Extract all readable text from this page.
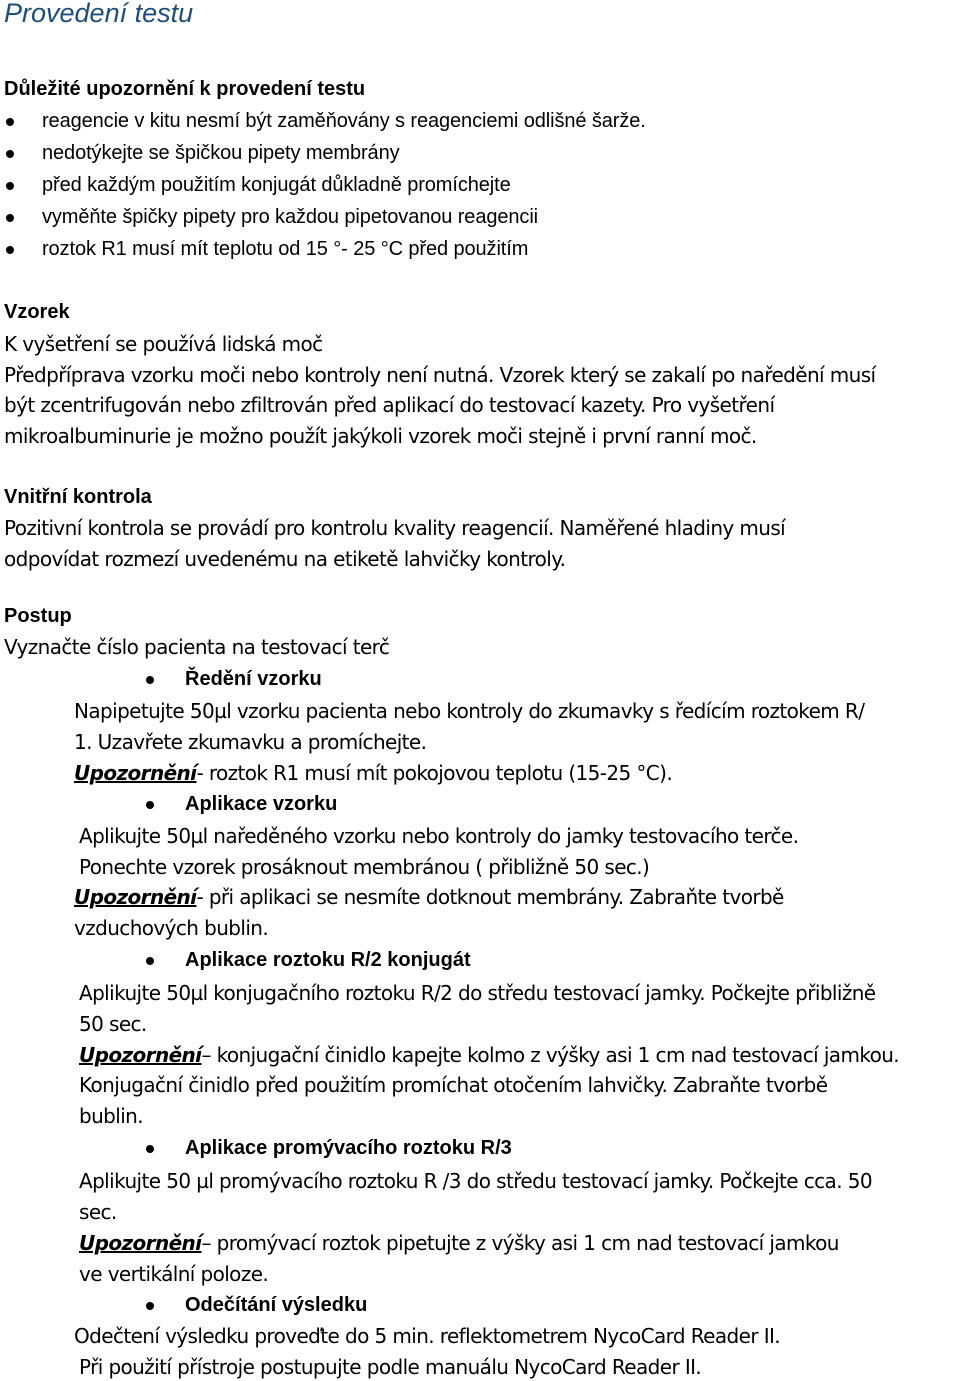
Provedení testu
Důležité upozornění k provedení testu
reagencie v kitu nesmí být zaměňovány s reagenciemi odlišné šarže.
nedotýkejte se špičkou pipety membrány
před každým použitím konjugát důkladně promíchejte
vyměňte špičky pipety pro každou pipetovanou reagencii
roztok R1 musí mít teplotu od 15 °- 25 °C před použitím
Vzorek
K vyšetření se používá lidská moč
Předpříprava vzorku moči nebo kontroly není nutná. Vzorek který se zakalí po naředění musí
být zcentrifugován nebo zfiltrován před aplikací do testovací kazety. Pro vyšetření
mikroalbuminurie je možno použít jakýkoli vzorek moči stejně i první ranní moč.
Vnitřní kontrola
Pozitivní kontrola se provádí pro kontrolu kvality reagencií. Naměřené hladiny musí
odpovídat rozmezí uvedenému na etiketě lahvičky kontroly.
Postup
Vyznačte číslo pacienta na testovací terč
Ředění vzorku
Napipetujte 50µl vzorku pacienta nebo kontroly do zkumavky s ředícím roztokem R/
1. Uzavřete zkumavku a promíchejte.
Upozornění- roztok R1 musí mít pokojovou teplotu (15-25 °C).
Aplikace vzorku
Aplikujte 50µl naředěného vzorku nebo kontroly do jamky testovacího terče.
Ponechte vzorek prosáknout membránou ( přibližně 50 sec.)
Upozornění- při aplikaci se nesmíte dotknout membrány. Zabraňte tvorbě
vzduchových bublin.
Aplikace roztoku R/2 konjugát
Aplikujte 50µl konjugačního roztoku R/2 do středu testovací jamky. Počkejte přibližně
50 sec.
Upozornění– konjugační činidlo kapejte kolmo z výšky asi 1 cm nad testovací jamkou.
Konjugační činidlo před použitím promíchat otočením lahvičky. Zabraňte tvorbě
bublin.
Aplikace promývacího roztoku R/3
Aplikujte 50 µl promývacího roztoku R /3 do středu testovací jamky. Počkejte cca. 50
sec.
Upozornění– promývací roztok pipetujte z výšky asi 1 cm nad testovací jamkou
ve vertikální poloze.
Odečítání výsledku
Odečtení výsledku proveďte do 5 min. reflektometrem NycoCard Reader II.
Při použití přístroje postupujte podle manuálu NycoCard Reader II.
